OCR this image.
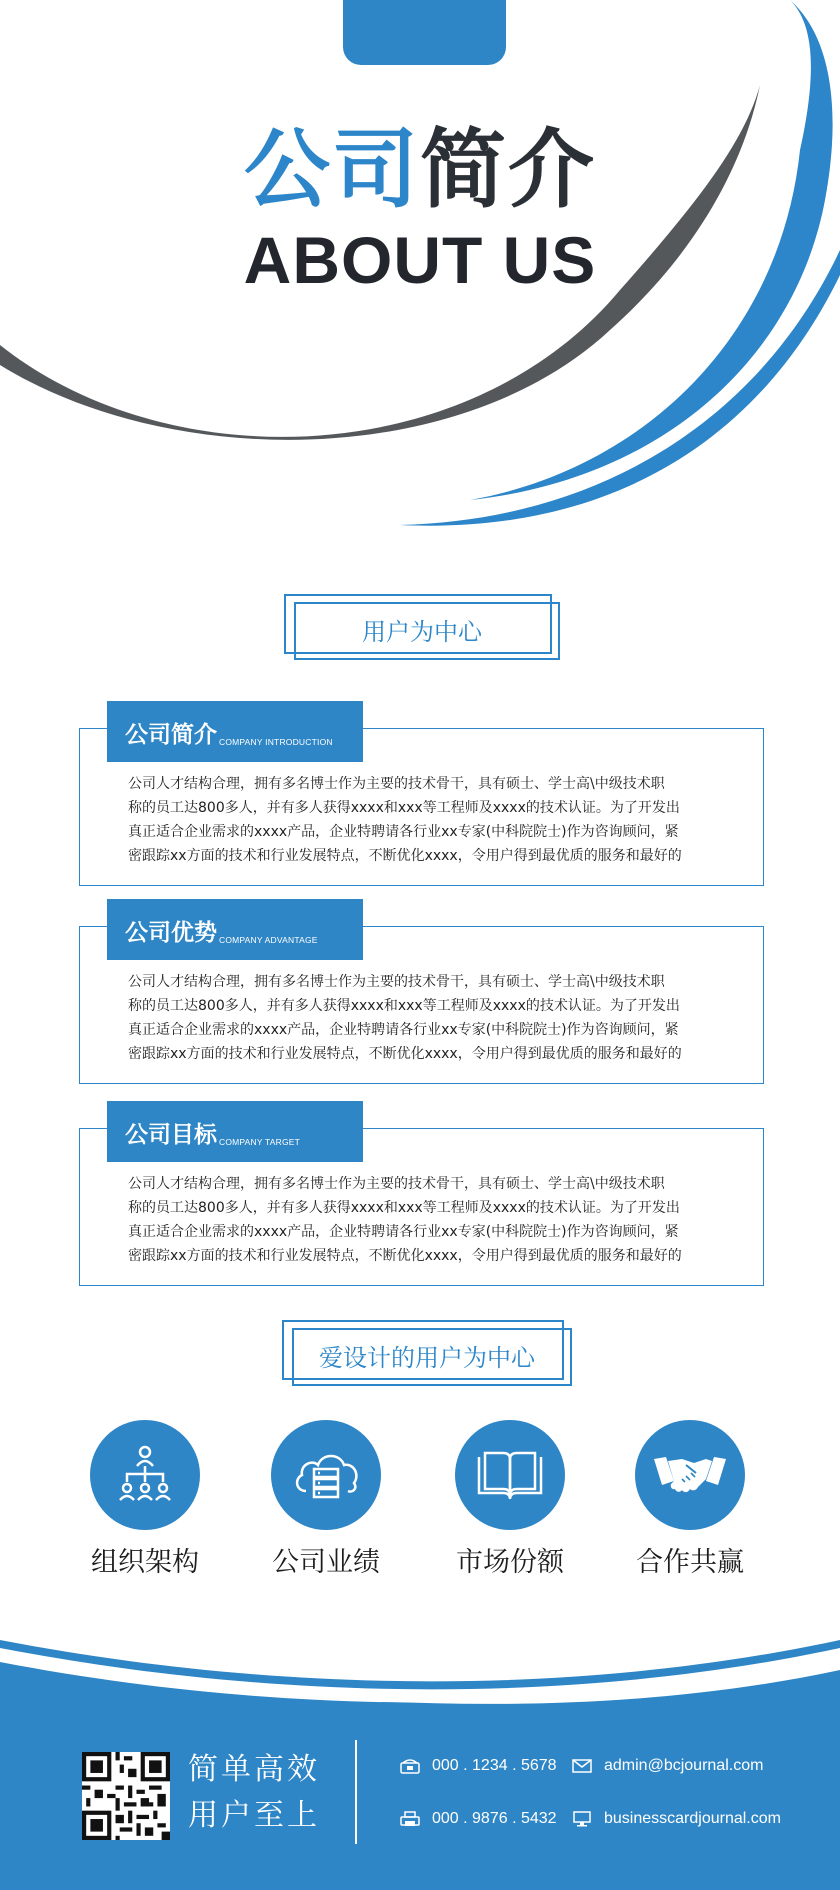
公司简介
ABOUT US
用户为中心
公司简介 COMPANY INTRODUCTION

公司人才结构合理，拥有多名博士作为主要的技术骨干，具有硕士、学士高\中级技术职

称的员工达800多人，并有多人获得xxxx和xxx等工程师及xxxx的技术认证。为了开发出

真正适合企业需求的xxxx产品，企业特聘请各行业xx专家(中科院院士)作为咨询顾问，紧

密跟踪xx方面的技术和行业发展特点，不断优化xxxx，令用户得到最优质的服务和最好的

公司优势 COMPANY ADVANTAGE

公司人才结构合理，拥有多名博士作为主要的技术骨干，具有硕士、学士高\中级技术职

称的员工达800多人，并有多人获得xxxx和xxx等工程师及xxxx的技术认证。为了开发出

真正适合企业需求的xxxx产品，企业特聘请各行业xx专家(中科院院士)作为咨询顾问，紧

密跟踪xx方面的技术和行业发展特点，不断优化xxxx，令用户得到最优质的服务和最好的

公司目标 COMPANY TARGET

公司人才结构合理，拥有多名博士作为主要的技术骨干，具有硕士、学士高\中级技术职

称的员工达800多人，并有多人获得xxxx和xxx等工程师及xxxx的技术认证。为了开发出

真正适合企业需求的xxxx产品，企业特聘请各行业xx专家(中科院院士)作为咨询顾问，紧

密跟踪xx方面的技术和行业发展特点，不断优化xxxx，令用户得到最优质的服务和最好的

爱设计的用户为中心
组织架构	公司业绩	市场份额	合作共赢
简单高效
用户至上
000 . 1234 . 5678
000 . 9876 . 5432
admin@bcjournal.com
businesscardjournal.com
